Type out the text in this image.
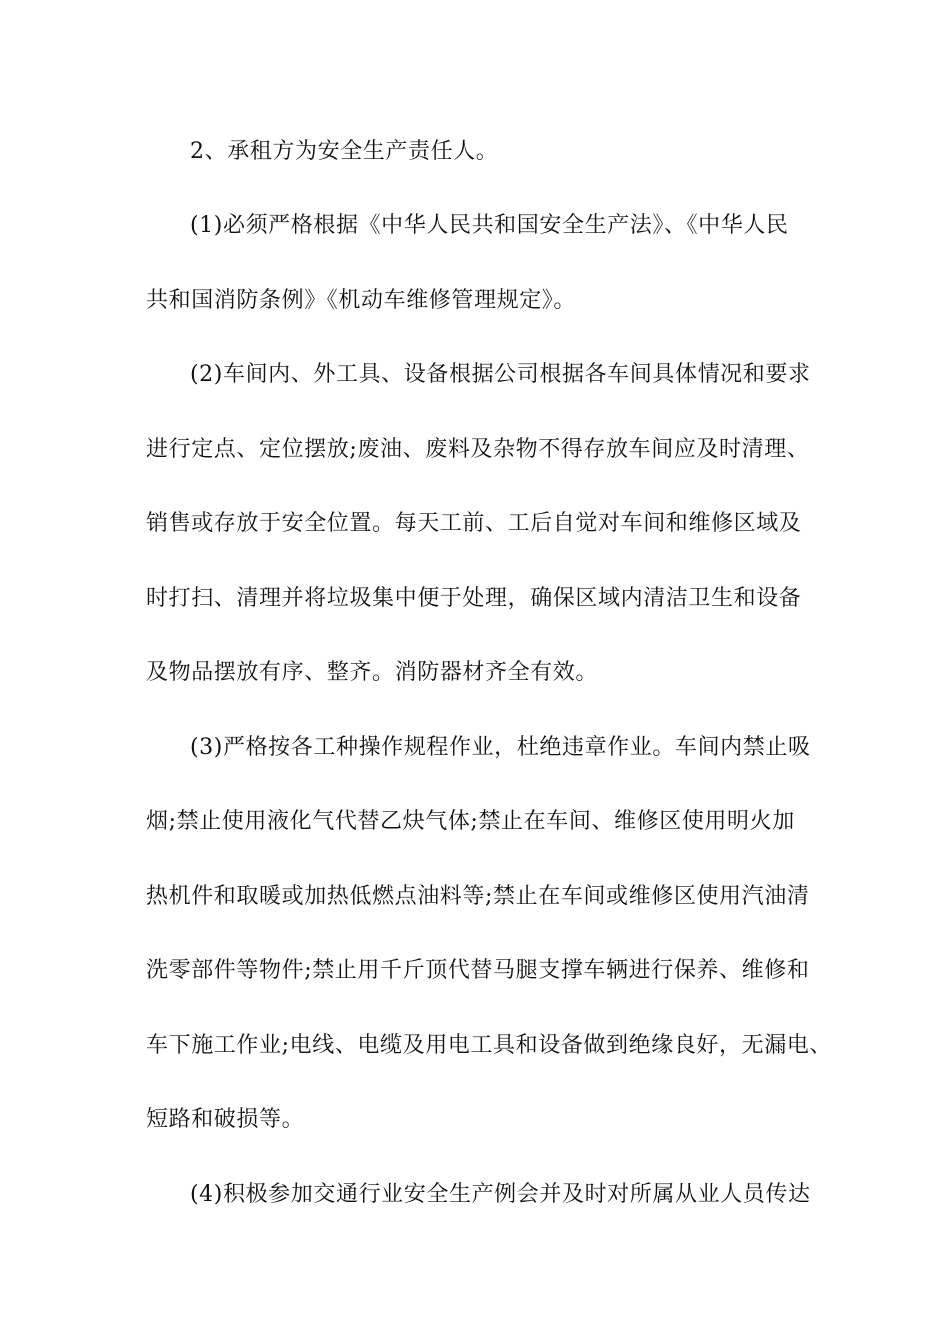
2、承租方为安全生产责任人。
(1)必须严格根据《中华人民共和国安全生产法》、《中华人民
共和国消防条例》《机动车维修管理规定》。
(2)车间内、外工具、设备根据公司根据各车间具体情况和要求
进行定点、定位摆放;废油、废料及杂物不得存放车间应及时清理、
销售或存放于安全位置。每天工前、工后自觉对车间和维修区域及
时打扫、清理并将垃圾集中便于处理，确保区域内清洁卫生和设备
及物品摆放有序、整齐。消防器材齐全有效。
(3)严格按各工种操作规程作业，杜绝违章作业。车间内禁止吸
烟;禁止使用液化气代替乙炔气体;禁止在车间、维修区使用明火加
热机件和取暖或加热低燃点油料等;禁止在车间或维修区使用汽油清
洗零部件等物件;禁止用千斤顶代替马腿支撑车辆进行保养、维修和
车下施工作业;电线、电缆及用电工具和设备做到绝缘良好，无漏电、
短路和破损等。
(4)积极参加交通行业安全生产例会并及时对所属从业人员传达
